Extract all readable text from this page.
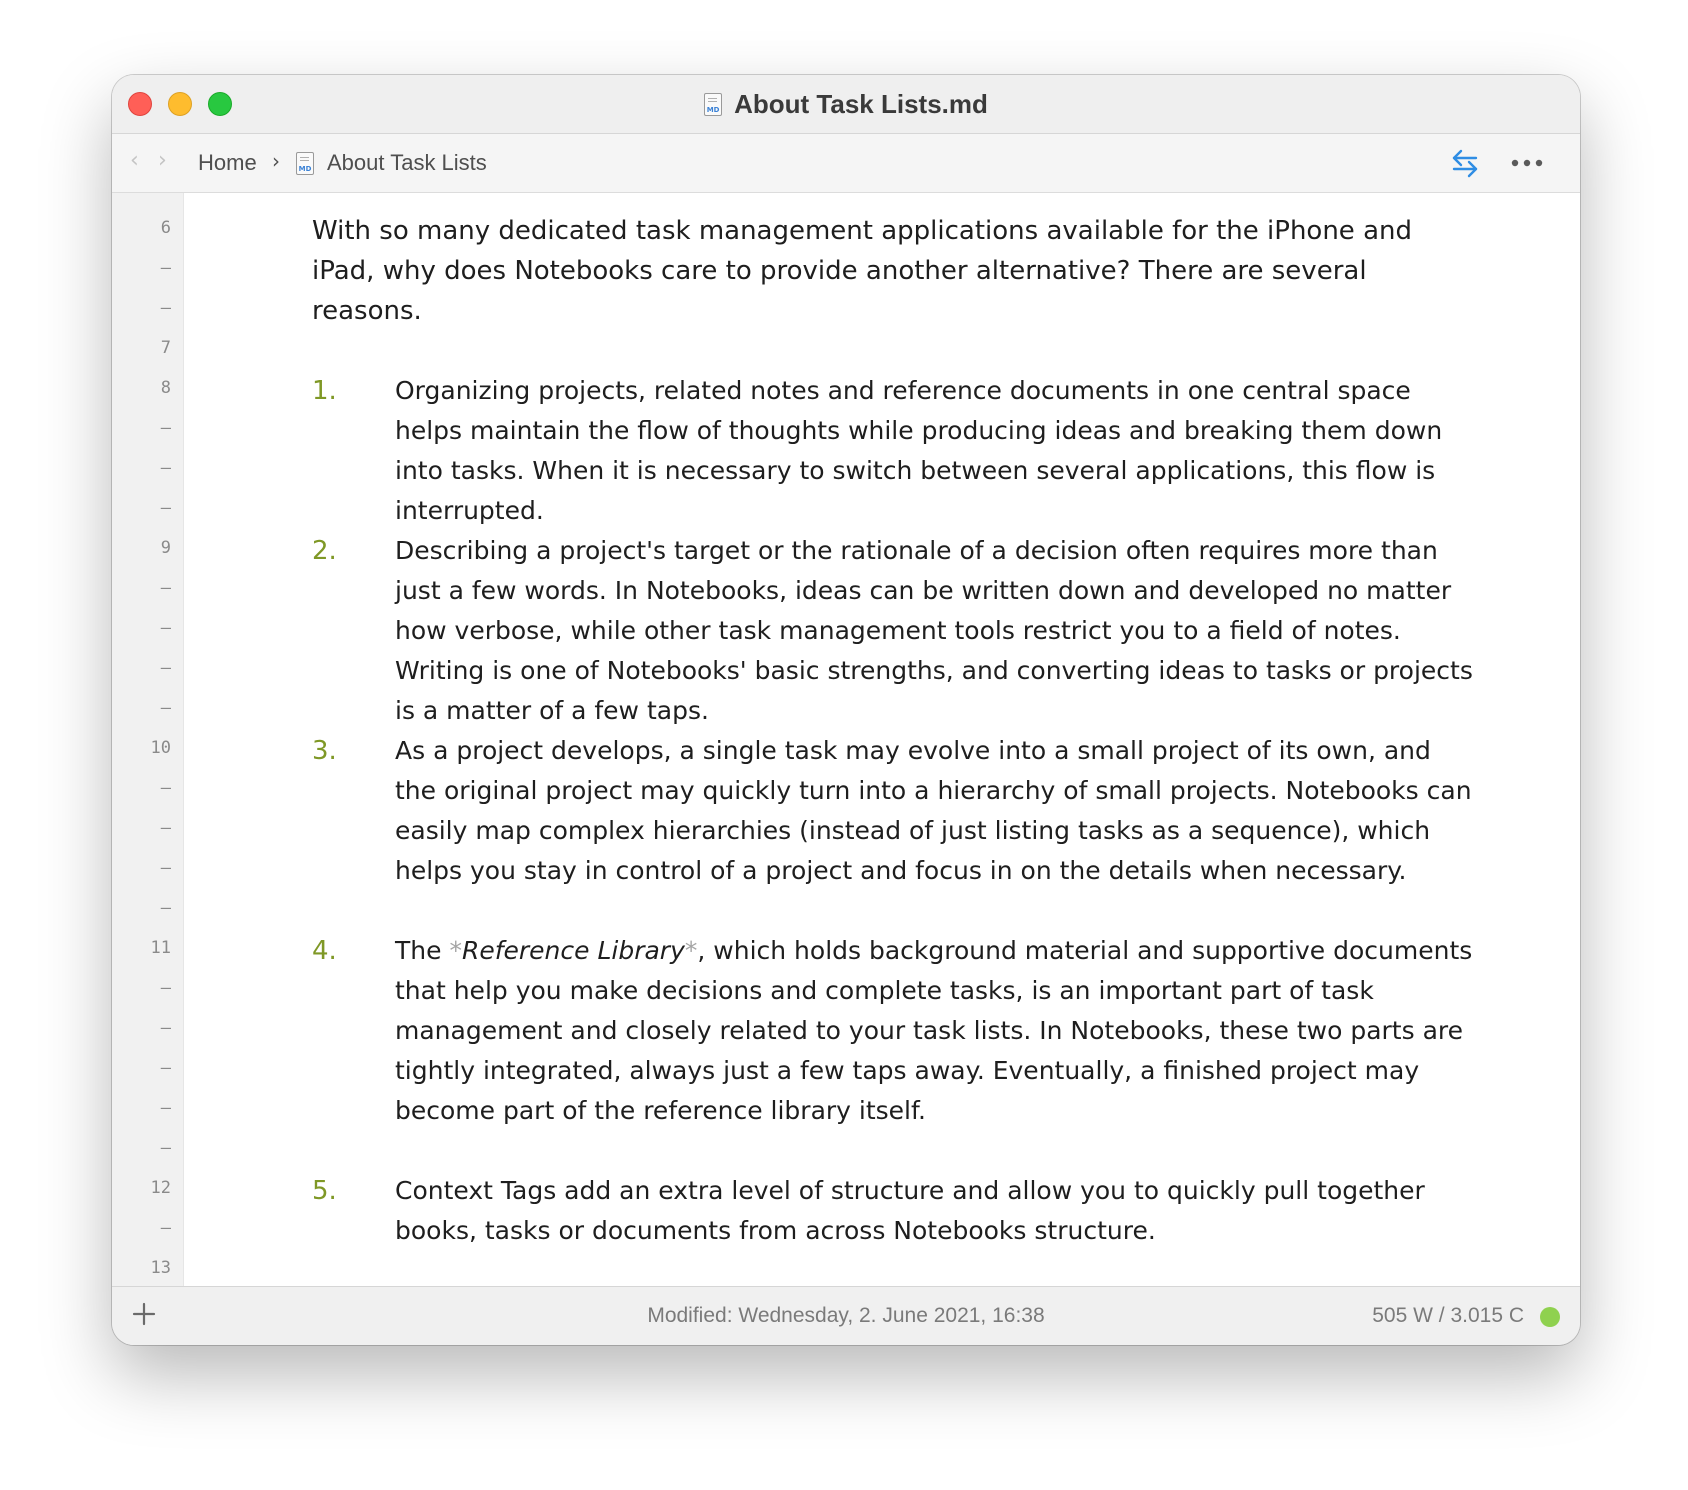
MD About Task Lists.md
‹ › Home ›	MD About Task Lists
6
–
–
7
8
–
–
–
9
–
–
–
–
10
–
–
–
–
11
–
–
–
–
–
12
–
13

With so many dedicated task management applications available for the iPhone and iPad, why does Notebooks care to provide another alternative? There are several reasons.

1. Organizing projects, related notes and reference documents in one central space helps maintain the flow of thoughts while producing ideas and breaking them down into tasks. When it is necessary to switch between several applications, this flow is interrupted.
2. Describing a project's target or the rationale of a decision often requires more than just a few words. In Notebooks, ideas can be written down and developed no matter how verbose, while other task management tools restrict you to a field of notes. Writing is one of Notebooks' basic strengths, and converting ideas to tasks or projects is a matter of a few taps.
3. As a project develops, a single task may evolve into a small project of its own, and the original project may quickly turn into a hierarchy of small projects. Notebooks can easily map complex hierarchies (instead of just listing tasks as a sequence), which helps you stay in control of a project and focus in on the details when necessary.
4. The *Reference Library*, which holds background material and supportive documents that help you make decisions and complete tasks, is an important part of task management and closely related to your task lists. In Notebooks, these two parts are tightly integrated, always just a few taps away. Eventually, a finished project may become part of the reference library itself.
5. Context Tags add an extra level of structure and allow you to quickly pull together books, tasks or documents from across Notebooks structure.
Modified: Wednesday, 2. June 2021, 16:38	505 W / 3.015 C
